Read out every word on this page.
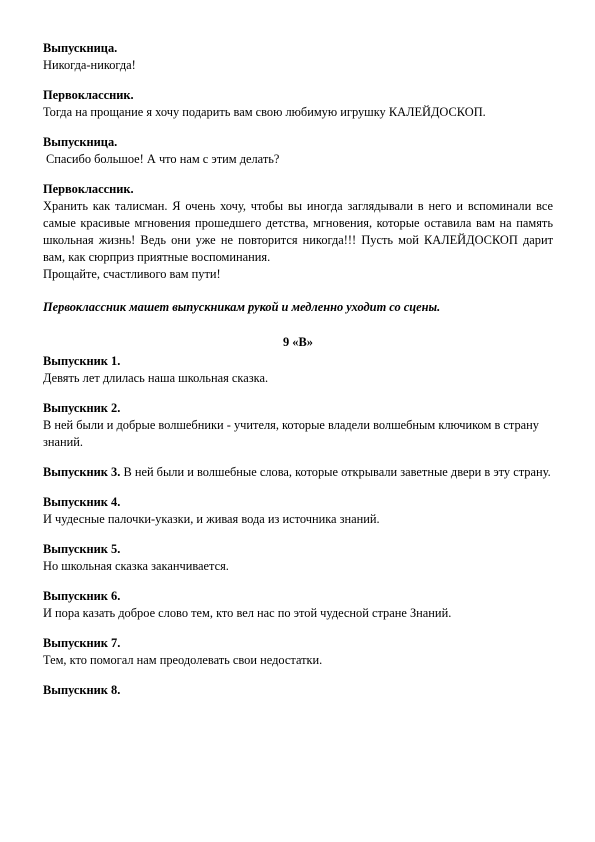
Выпускница.
Никогда-никогда!
Первоклассник.
Тогда на прощание я хочу подарить вам свою любимую игрушку КАЛЕЙДОСКОП.
Выпускница.
Спасибо большое! А что нам с этим делать?
Первоклассник.
Хранить как талисман. Я очень хочу, чтобы вы иногда заглядывали в него и вспоминали все самые красивые мгновения прошедшего детства, мгновения, которые оставила вам на память школьная жизнь! Ведь они уже не повторится никогда!!! Пусть мой КАЛЕЙДОСКОП дарит вам, как сюрприз приятные воспоминания.
Прощайте, счастливого вам пути!
Первоклассник машет выпускникам рукой и медленно уходит со сцены.
9 «В»
Выпускник 1.
Девять лет длилась наша школьная сказка.
Выпускник 2.
В ней были и добрые волшебники - учителя, которые владели волшебным ключиком в страну знаний.
Выпускник 3. В ней были и волшебные слова, которые открывали заветные двери в эту страну.
Выпускник 4.
И чудесные палочки-указки, и живая вода из источника знаний.
Выпускник 5.
Но школьная сказка заканчивается.
Выпускник 6.
И пора казать доброе слово тем, кто вел нас по этой чудесной стране Знаний.
Выпускник 7.
Тем, кто помогал нам преодолевать свои недостатки.
Выпускник 8.
